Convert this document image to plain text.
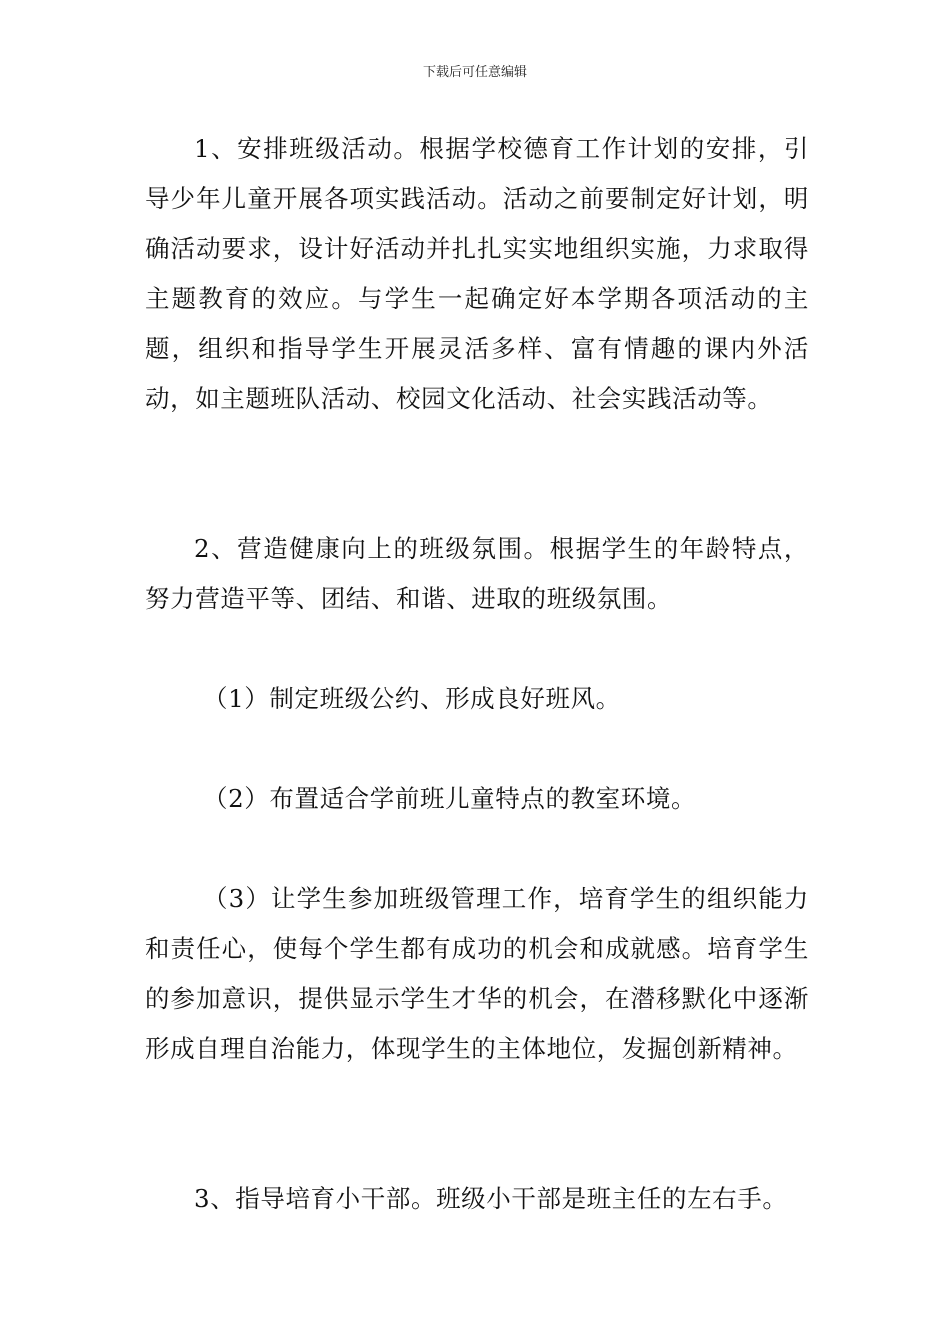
下载后可任意编辑

1、安排班级活动。根据学校德育工作计划的安排，引导少年儿童开展各项实践活动。活动之前要制定好计划，明确活动要求，设计好活动并扎扎实实地组织实施，力求取得主题教育的效应。与学生一起确定好本学期各项活动的主题，组织和指导学生开展灵活多样、富有情趣的课内外活动，如主题班队活动、校园文化活动、社会实践活动等。

2、营造健康向上的班级氛围。根据学生的年龄特点，努力营造平等、团结、和谐、进取的班级氛围。

（1）制定班级公约、形成良好班风。

（2）布置适合学前班儿童特点的教室环境。

（3）让学生参加班级管理工作，培育学生的组织能力和责任心，使每个学生都有成功的机会和成就感。培育学生的参加意识，提供显示学生才华的机会，在潜移默化中逐渐形成自理自治能力，体现学生的主体地位，发掘创新精神。

3、指导培育小干部。班级小干部是班主任的左右手。
